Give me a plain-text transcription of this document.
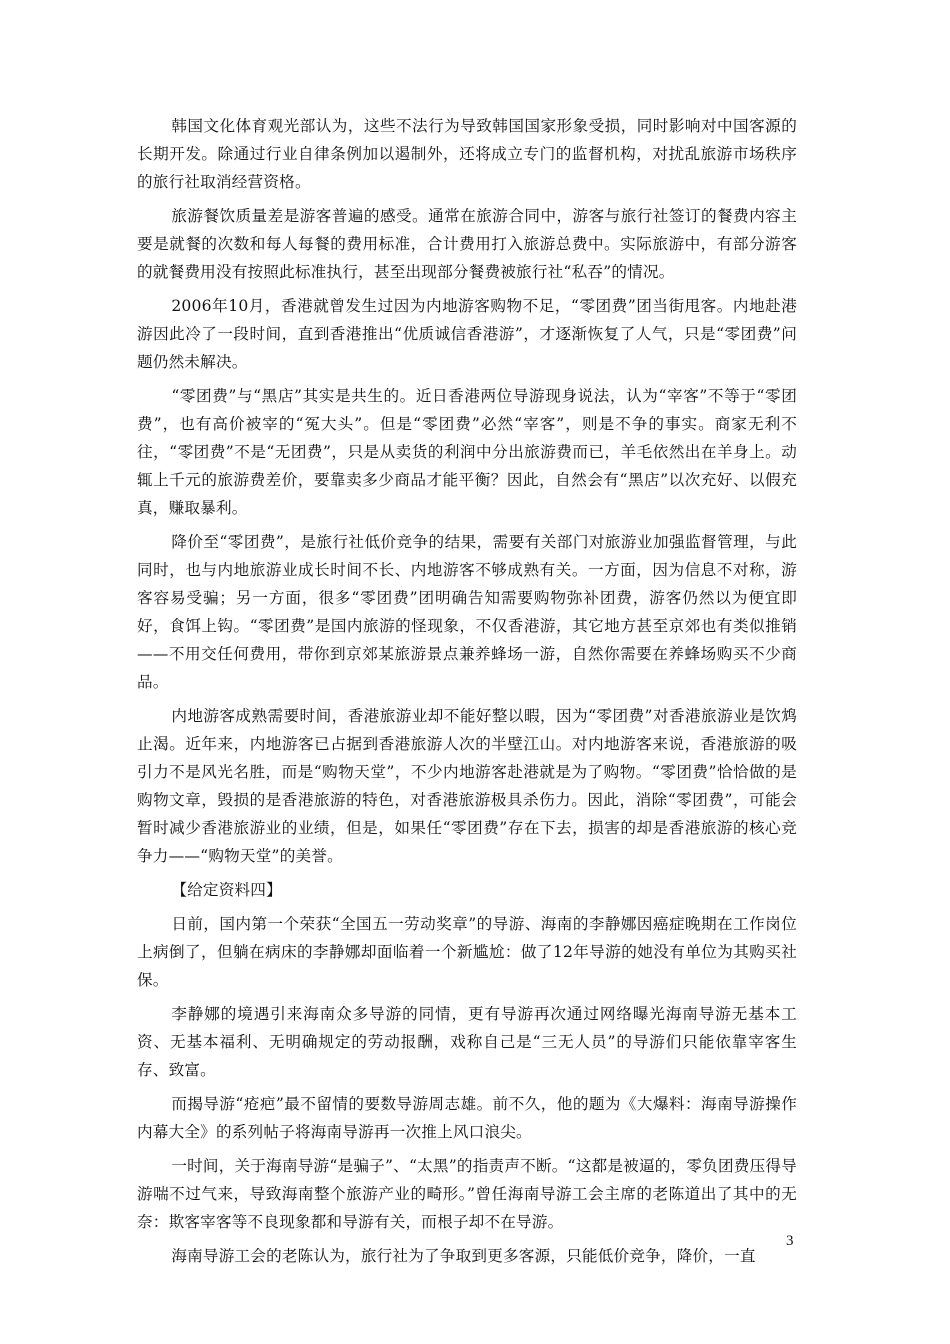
韩国文化体育观光部认为，这些不法行为导致韩国国家形象受损，同时影响对中国客源的长期开发。除通过行业自律条例加以遏制外，还将成立专门的监督机构，对扰乱旅游市场秩序的旅行社取消经营资格。

旅游餐饮质量差是游客普遍的感受。通常在旅游合同中，游客与旅行社签订的餐费内容主要是就餐的次数和每人每餐的费用标准，合计费用打入旅游总费中。实际旅游中，有部分游客的就餐费用没有按照此标准执行，甚至出现部分餐费被旅行社“私吞”的情况。

2006年10月，香港就曾发生过因为内地游客购物不足，“零团费”团当街甩客。内地赴港游因此冷了一段时间，直到香港推出“优质诚信香港游”，才逐渐恢复了人气，只是“零团费”问题仍然未解决。

“零团费”与“黑店”其实是共生的。近日香港两位导游现身说法，认为“宰客”不等于“零团费”，也有高价被宰的“冤大头”。但是“零团费”必然“宰客”，则是不争的事实。商家无利不往，“零团费”不是“无团费”，只是从卖货的利润中分出旅游费而已，羊毛依然出在羊身上。动辄上千元的旅游费差价，要靠卖多少商品才能平衡？因此，自然会有“黑店”以次充好、以假充真，赚取暴利。

降价至“零团费”，是旅行社低价竞争的结果，需要有关部门对旅游业加强监督管理，与此同时，也与内地旅游业成长时间不长、内地游客不够成熟有关。一方面，因为信息不对称，游客容易受骗；另一方面，很多“零团费”团明确告知需要购物弥补团费，游客仍然以为便宜即好，食饵上钩。“零团费”是国内旅游的怪现象，不仅香港游，其它地方甚至京郊也有类似推销——不用交任何费用，带你到京郊某旅游景点兼养蜂场一游，自然你需要在养蜂场购买不少商品。

内地游客成熟需要时间，香港旅游业却不能好整以暇，因为“零团费”对香港旅游业是饮鸩止渴。近年来，内地游客已占据到香港旅游人次的半壁江山。对内地游客来说，香港旅游的吸引力不是风光名胜，而是“购物天堂”，不少内地游客赴港就是为了购物。“零团费”恰恰做的是购物文章，毁损的是香港旅游的特色，对香港旅游极具杀伤力。因此，消除“零团费”，可能会暂时减少香港旅游业的业绩，但是，如果任“零团费”存在下去，损害的却是香港旅游的核心竞争力——“购物天堂”的美誉。

【给定资料四】

日前，国内第一个荣获“全国五一劳动奖章”的导游、海南的李静娜因癌症晚期在工作岗位上病倒了，但躺在病床的李静娜却面临着一个新尴尬：做了12年导游的她没有单位为其购买社保。

李静娜的境遇引来海南众多导游的同情，更有导游再次通过网络曝光海南导游无基本工资、无基本福利、无明确规定的劳动报酬，戏称自己是“三无人员”的导游们只能依靠宰客生存、致富。

而揭导游“疮疤”最不留情的要数导游周志雄。前不久，他的题为《大爆料：海南导游操作内幕大全》的系列帖子将海南导游再一次推上风口浪尖。

一时间，关于海南导游“是骗子”、“太黑”的指责声不断。“这都是被逼的，零负团费压得导游喘不过气来，导致海南整个旅游产业的畸形。”曾任海南导游工会主席的老陈道出了其中的无奈：欺客宰客等不良现象都和导游有关，而根子却不在导游。

海南导游工会的老陈认为，旅行社为了争取到更多客源，只能低价竞争，降价，一直

3
